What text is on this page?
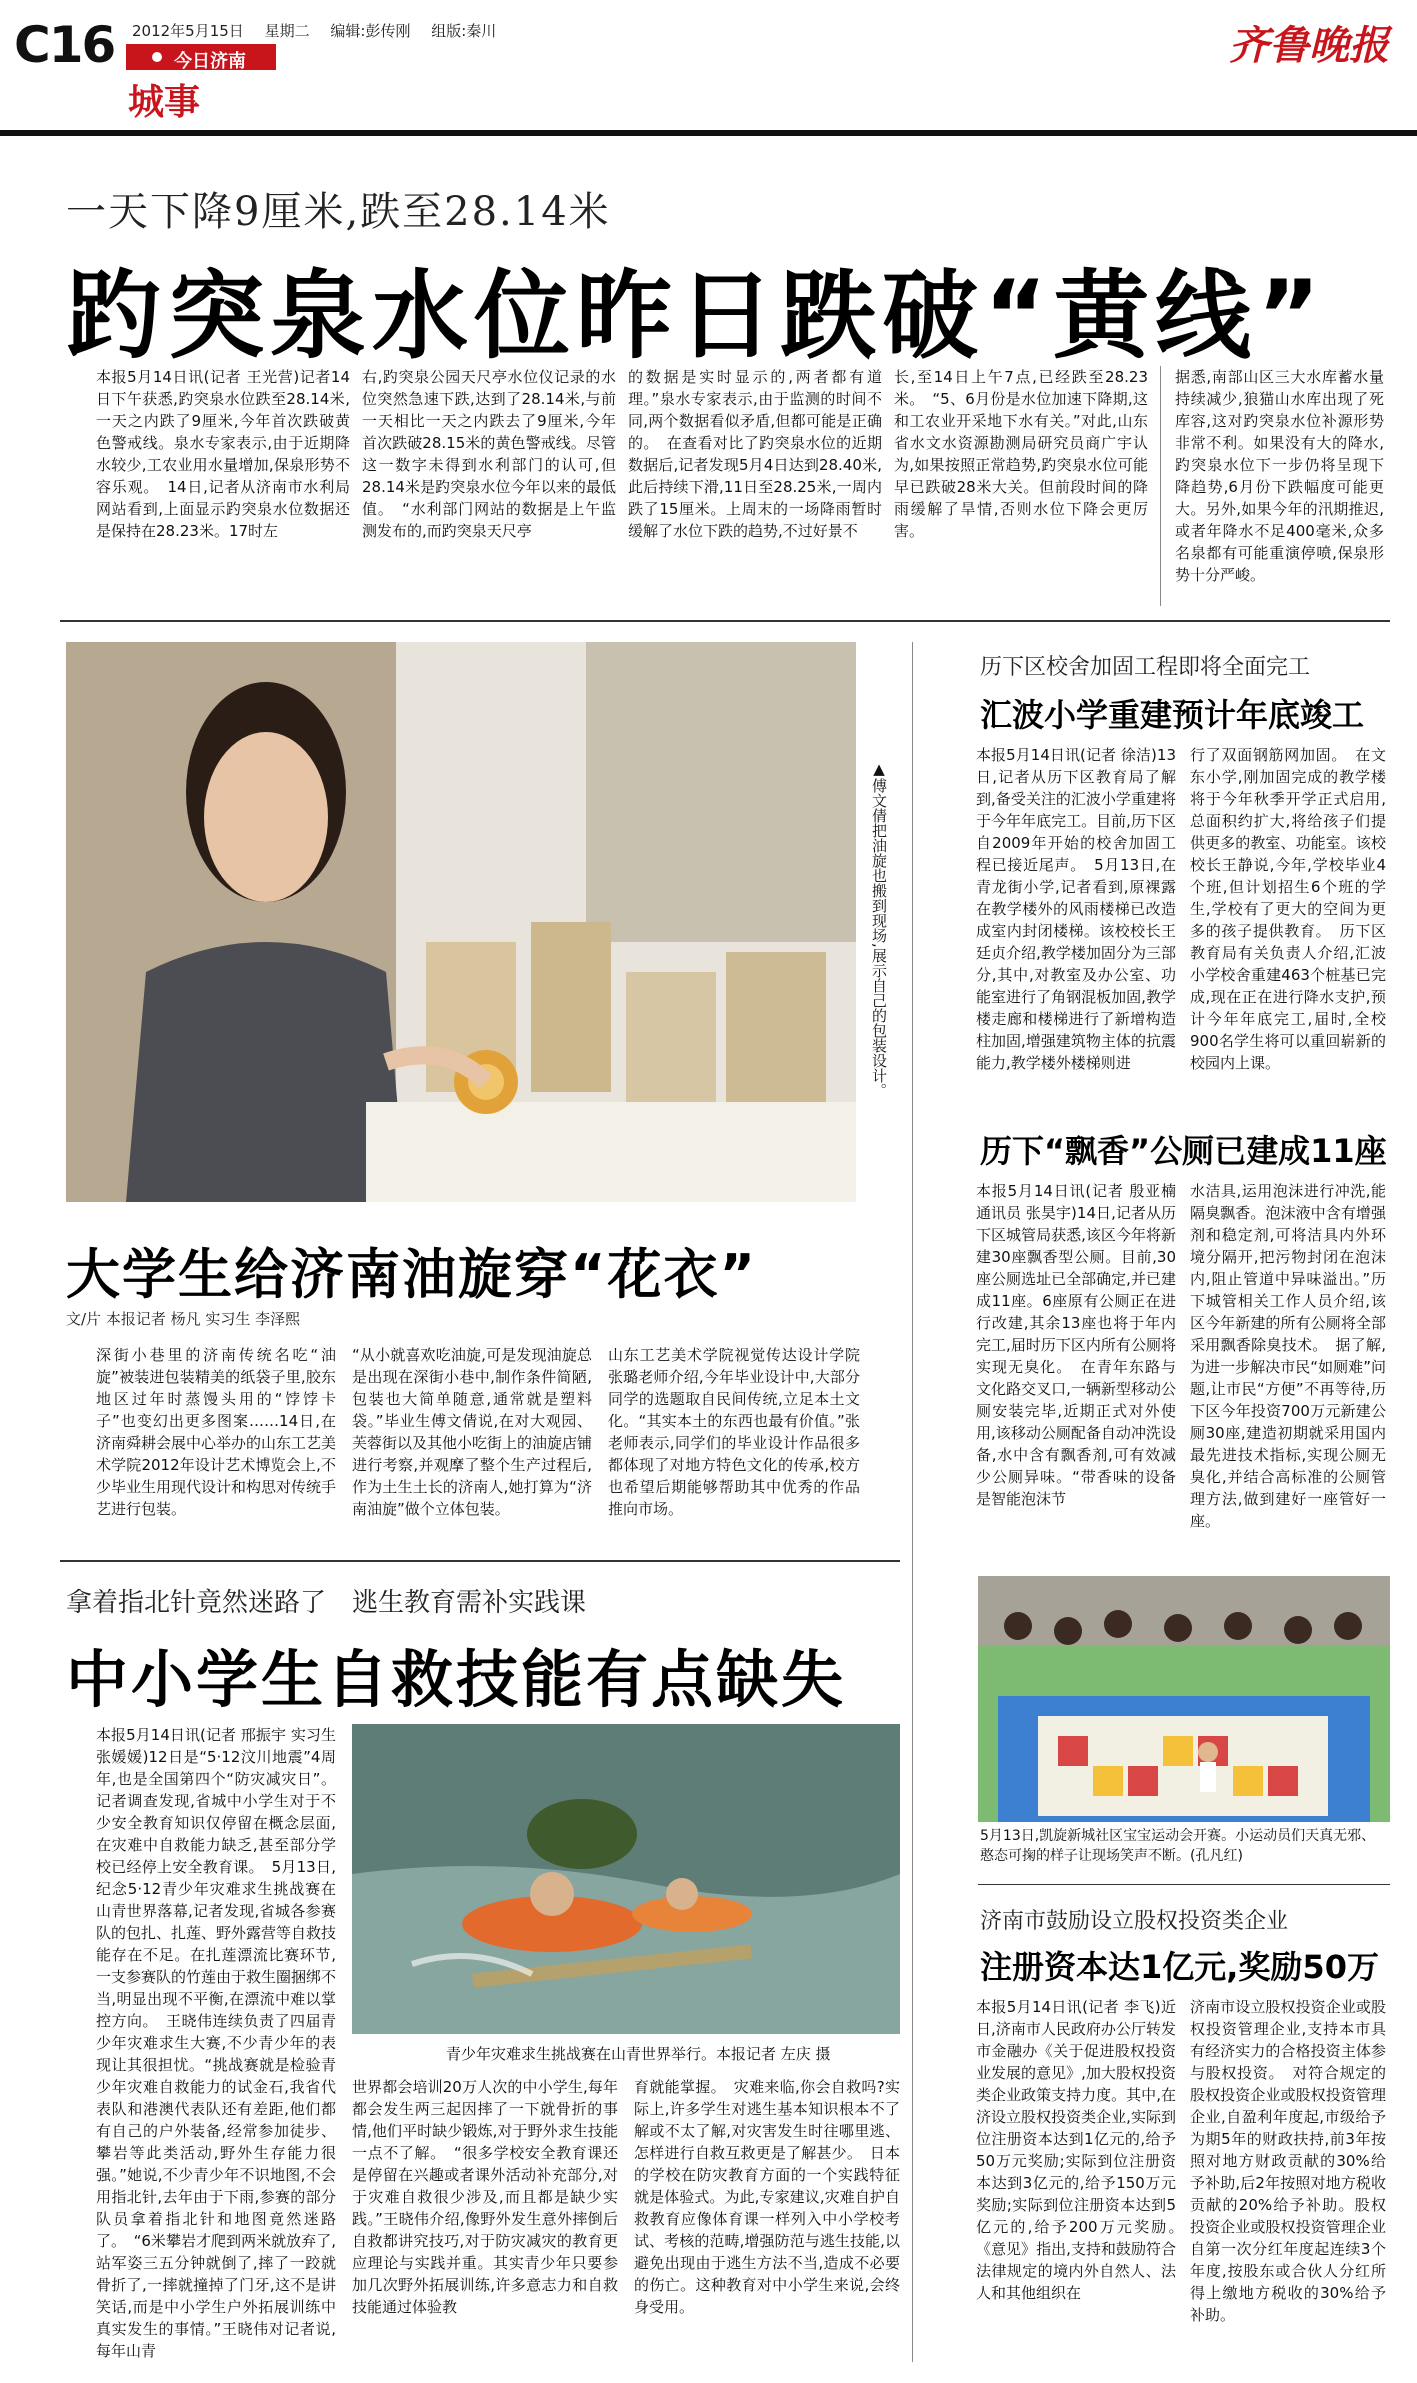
C16 2012年5月15日 星期二 编辑:彭传刚 组版:秦川
今日济南
城事
齐鲁晚报
一天下降9厘米,跌至28.14米
趵突泉水位昨日跌破“黄线”
本报5月14日讯(记者 王光营)记者14日下午获悉,趵突泉水位跌至28.14米,一天之内跌了9厘米,今年首次跌破黄色警戒线。泉水专家表示,由于近期降水较少,工农业用水量增加,保泉形势不容乐观。　14日,记者从济南市水利局网站看到,上面显示趵突泉水位数据还是保持在28.23米。17时左
右,趵突泉公园天尺亭水位仪记录的水位突然急速下跌,达到了28.14米,与前一天相比一天之内跌去了9厘米,今年首次跌破28.15米的黄色警戒线。尽管这一数字未得到水利部门的认可,但28.14米是趵突泉水位今年以来的最低值。　“水利部门网站的数据是上午监测发布的,而趵突泉天尺亭
的数据是实时显示的,两者都有道理。”泉水专家表示,由于监测的时间不同,两个数据看似矛盾,但都可能是正确的。　在查看对比了趵突泉水位的近期数据后,记者发现5月4日达到28.40米,此后持续下滑,11日至28.25米,一周内跌了15厘米。上周末的一场降雨暂时缓解了水位下跌的趋势,不过好景不
长,至14日上午7点,已经跌至28.23米。　“5、6月份是水位加速下降期,这和工农业开采地下水有关。”对此,山东省水文水资源勘测局研究员商广宇认为,如果按照正常趋势,趵突泉水位可能早已跌破28米大关。但前段时间的降雨缓解了旱情,否则水位下降会更厉害。
据悉,南部山区三大水库蓄水量持续减少,狼猫山水库出现了死库容,这对趵突泉水位补源形势非常不利。如果没有大的降水,趵突泉水位下一步仍将呈现下降趋势,6月份下跌幅度可能更大。另外,如果今年的汛期推迟,或者年降水不足400毫米,众多名泉都有可能重演停喷,保泉形势十分严峻。
▲傅文倩把油旋也搬到现场,展示自己的包装设计。
大学生给济南油旋穿“花衣”
文/片 本报记者 杨凡 实习生 李泽熙
深街小巷里的济南传统名吃“油旋”被装进包装精美的纸袋子里,胶东地区过年时蒸馒头用的“饽饽卡子”也变幻出更多图案……14日,在济南舜耕会展中心举办的山东工艺美术学院2012年设计艺术博览会上,不少毕业生用现代设计和构思对传统手艺进行包装。
“从小就喜欢吃油旋,可是发现油旋总是出现在深街小巷中,制作条件简陋,包装也大简单随意,通常就是塑料袋。”毕业生傅文倩说,在对大观园、芙蓉街以及其他小吃街上的油旋店铺进行考察,并观摩了整个生产过程后,作为土生土长的济南人,她打算为“济南油旋”做个立体包装。
山东工艺美术学院视觉传达设计学院张璐老师介绍,今年毕业设计中,大部分同学的选题取自民间传统,立足本土文化。“其实本土的东西也最有价值。”张老师表示,同学们的毕业设计作品很多都体现了对地方特色文化的传承,校方也希望后期能够帮助其中优秀的作品推向市场。
历下区校舍加固工程即将全面完工
汇波小学重建预计年底竣工
本报5月14日讯(记者 徐洁)13日,记者从历下区教育局了解到,备受关注的汇波小学重建将于今年年底完工。目前,历下区自2009年开始的校舍加固工程已接近尾声。　5月13日,在青龙街小学,记者看到,原裸露在教学楼外的风雨楼梯已改造成室内封闭楼梯。该校校长王廷贞介绍,教学楼加固分为三部分,其中,对教室及办公室、功能室进行了角钢混板加固,教学楼走廊和楼梯进行了新增构造柱加固,增强建筑物主体的抗震能力,教学楼外楼梯则进
行了双面钢筋网加固。　在文东小学,刚加固完成的教学楼将于今年秋季开学正式启用,总面积约扩大,将给孩子们提供更多的教室、功能室。该校校长王静说,今年,学校毕业4个班,但计划招生6个班的学生,学校有了更大的空间为更多的孩子提供教育。　历下区教育局有关负责人介绍,汇波小学校舍重建463个桩基已完成,现在正在进行降水支护,预计今年年底完工,届时,全校900名学生将可以重回崭新的校园内上课。
历下“飘香”公厕已建成11座
本报5月14日讯(记者 殷亚楠 通讯员 张昊宇)14日,记者从历下区城管局获悉,该区今年将新建30座飘香型公厕。目前,30座公厕选址已全部确定,并已建成11座。6座原有公厕正在进行改建,其余13座也将于年内完工,届时历下区内所有公厕将实现无臭化。　在青年东路与文化路交叉口,一辆新型移动公厕安装完毕,近期正式对外使用,该移动公厕配备自动冲洗设备,水中含有飘香剂,可有效减少公厕异味。“带香味的设备是智能泡沫节
水洁具,运用泡沫进行冲洗,能隔臭飘香。泡沫液中含有增强剂和稳定剂,可将洁具内外环境分隔开,把污物封闭在泡沫内,阻止管道中异味溢出。”历下城管相关工作人员介绍,该区今年新建的所有公厕将全部采用飘香除臭技术。　据了解,为进一步解决市民“如厕难”问题,让市民“方便”不再等待,历下区今年投资700万元新建公厕30座,建造初期就采用国内最先进技术指标,实现公厕无臭化,并结合高标准的公厕管理方法,做到建好一座管好一座。
5月13日,凯旋新城社区宝宝运动会开赛。小运动员们天真无邪、憨态可掬的样子让现场笑声不断。(孔凡红)
济南市鼓励设立股权投资类企业
注册资本达1亿元,奖励50万
本报5月14日讯(记者 李飞)近日,济南市人民政府办公厅转发市金融办《关于促进股权投资业发展的意见》,加大股权投资类企业政策支持力度。其中,在济设立股权投资类企业,实际到位注册资本达到1亿元的,给予50万元奖励;实际到位注册资本达到3亿元的,给予150万元奖励;实际到位注册资本达到5亿元的,给予200万元奖励。　《意见》指出,支持和鼓励符合法律规定的境内外自然人、法人和其他组织在
济南市设立股权投资企业或股权投资管理企业,支持本市具有经济实力的合格投资主体参与股权投资。　对符合规定的股权投资企业或股权投资管理企业,自盈利年度起,市级给予为期5年的财政扶持,前3年按照对地方财政贡献的30%给予补助,后2年按照对地方税收贡献的20%给予补助。股权投资企业或股权投资管理企业自第一次分红年度起连续3个年度,按股东或合伙人分红所得上缴地方税收的30%给予补助。
拿着指北针竟然迷路了　逃生教育需补实践课
中小学生自救技能有点缺失
本报5月14日讯(记者 邢振宇 实习生 张媛媛)12日是“5·12汶川地震”4周年,也是全国第四个“防灾减灾日”。记者调查发现,省城中小学生对于不少安全教育知识仅停留在概念层面,在灾难中自救能力缺乏,甚至部分学校已经停上安全教育课。　5月13日,纪念5·12青少年灾难求生挑战赛在山青世界落幕,记者发现,省城各参赛队的包扎、扎莲、野外露营等自救技能存在不足。在扎莲漂流比赛环节,一支参赛队的竹莲由于救生圈捆绑不当,明显出现不平衡,在漂流中难以掌控方向。　王晓伟连续负责了四届青少年灾难求生大赛,不少青少年的表现让其很担忧。“挑战赛就是检验青少年灾难自救能力的试金石,我省代表队和港澳代表队还有差距,他们都有自己的户外装备,经常参加徒步、攀岩等此类活动,野外生存能力很强。”她说,不少青少年不识地图,不会用指北针,去年由于下雨,参赛的部分队员拿着指北针和地图竟然迷路了。　“6米攀岩才爬到两米就放弃了,站军姿三五分钟就倒了,摔了一跤就骨折了,一摔就撞掉了门牙,这不是讲笑话,而是中小学生户外拓展训练中真实发生的事情。”王晓伟对记者说,每年山青
青少年灾难求生挑战赛在山青世界举行。本报记者 左庆 摄
世界都会培训20万人次的中小学生,每年都会发生两三起因摔了一下就骨折的事情,他们平时缺少锻炼,对于野外求生技能一点不了解。　“很多学校安全教育课还是停留在兴趣或者课外活动补充部分,对于灾难自救很少涉及,而且都是缺少实践。”王晓伟介绍,像野外发生意外摔倒后自救都讲究技巧,对于防灾减灾的教育更应理论与实践并重。其实青少年只要参加几次野外拓展训练,许多意志力和自救技能通过体验教
育就能掌握。　灾难来临,你会自救吗?实际上,许多学生对逃生基本知识根本不了解或不太了解,对灾害发生时往哪里逃、怎样进行自救互救更是了解甚少。　日本的学校在防灾教育方面的一个实践特征就是体验式。为此,专家建议,灾难自护自救教育应像体育课一样列入中小学校考试、考核的范畴,增强防范与逃生技能,以避免出现由于逃生方法不当,造成不必要的伤亡。这种教育对中小学生来说,会终身受用。
